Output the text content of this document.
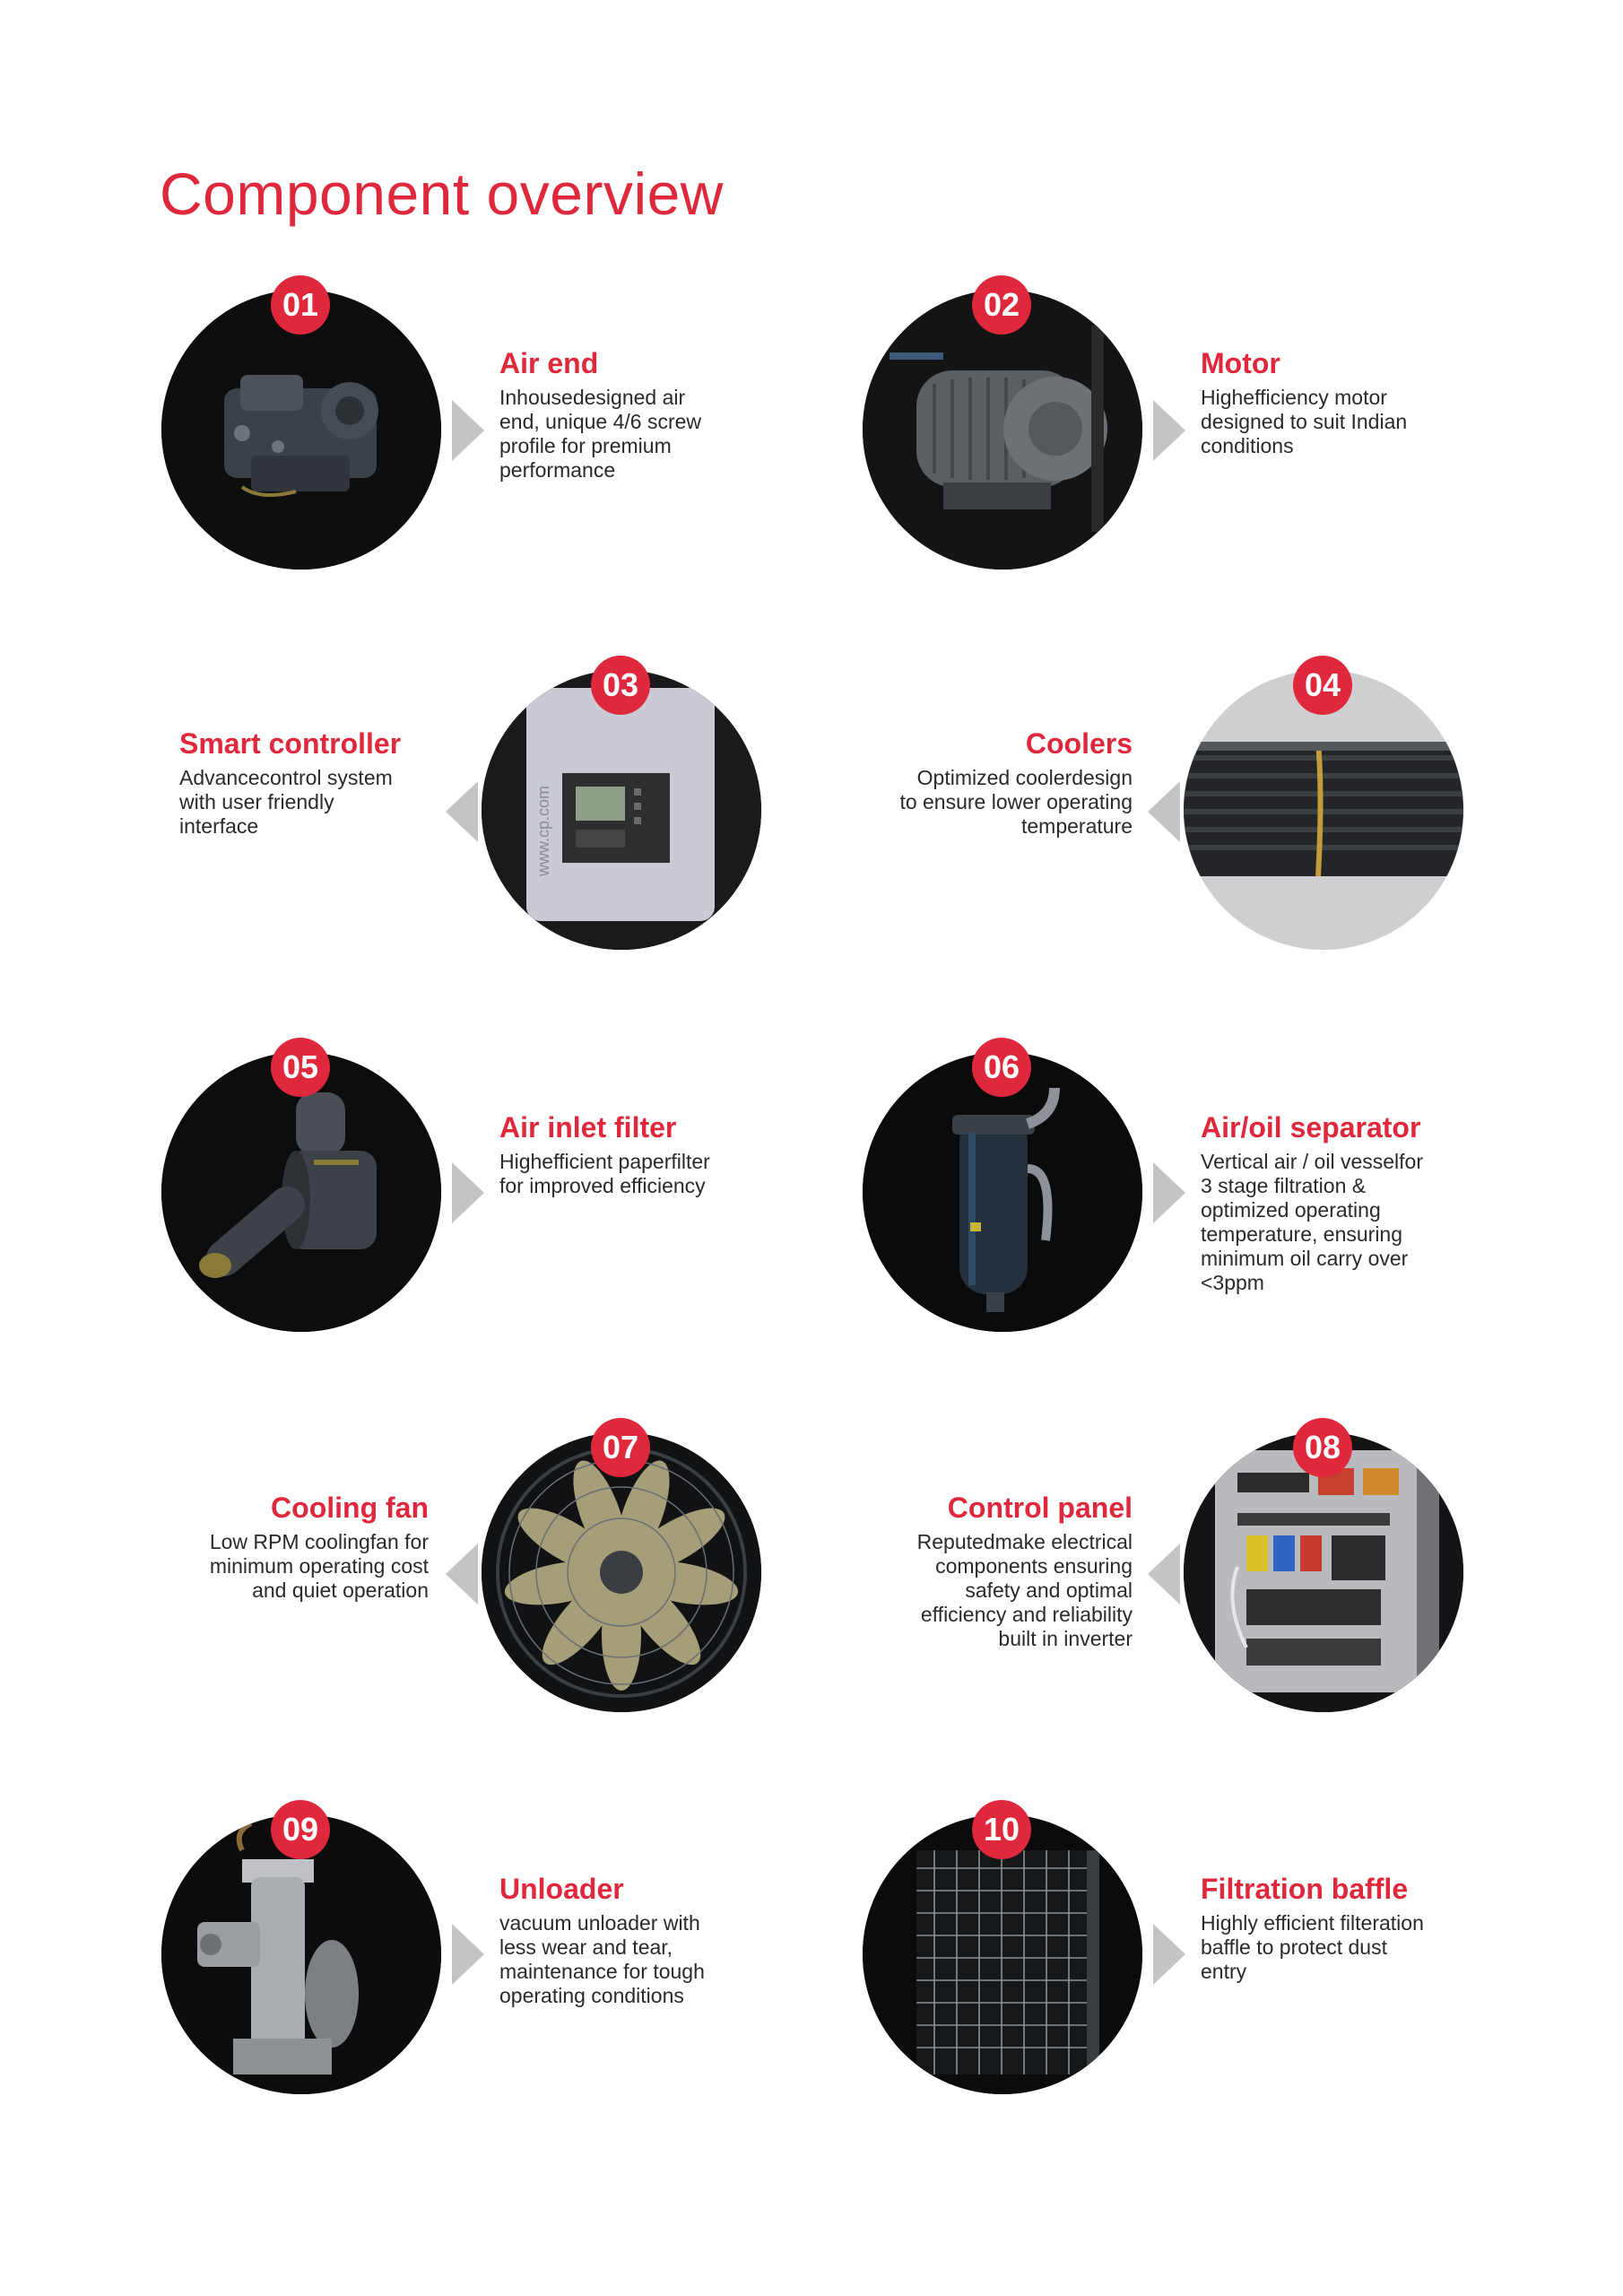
Component overview
01
Air end

Inhousedesigned air
end, unique 4/6 screw
profile for premium
performance

02
Motor

Highefficiency motor
designed to suit Indian
conditions

03
www.cp.com
Smart controller

Advancecontrol system
with user friendly
interface

04
Coolers

Optimized coolerdesign
to ensure lower operating
temperature

05
Air inlet filter

Highefficient paperfilter
for improved efficiency

06
Air/oil separator

Vertical air / oil vesselfor
3 stage filtration &
optimized operating
temperature, ensuring
minimum oil carry over
<3ppm

07
Cooling fan

Low RPM coolingfan for
minimum operating cost
and quiet operation

08
Control panel

Reputedmake electrical
components ensuring
safety and optimal
efficiency and reliability
built in inverter

09
Unloader

vacuum unloader with
less wear and tear,
maintenance for tough
operating conditions

10
Filtration baffle

Highly efficient filteration
baffle to protect dust
entry
